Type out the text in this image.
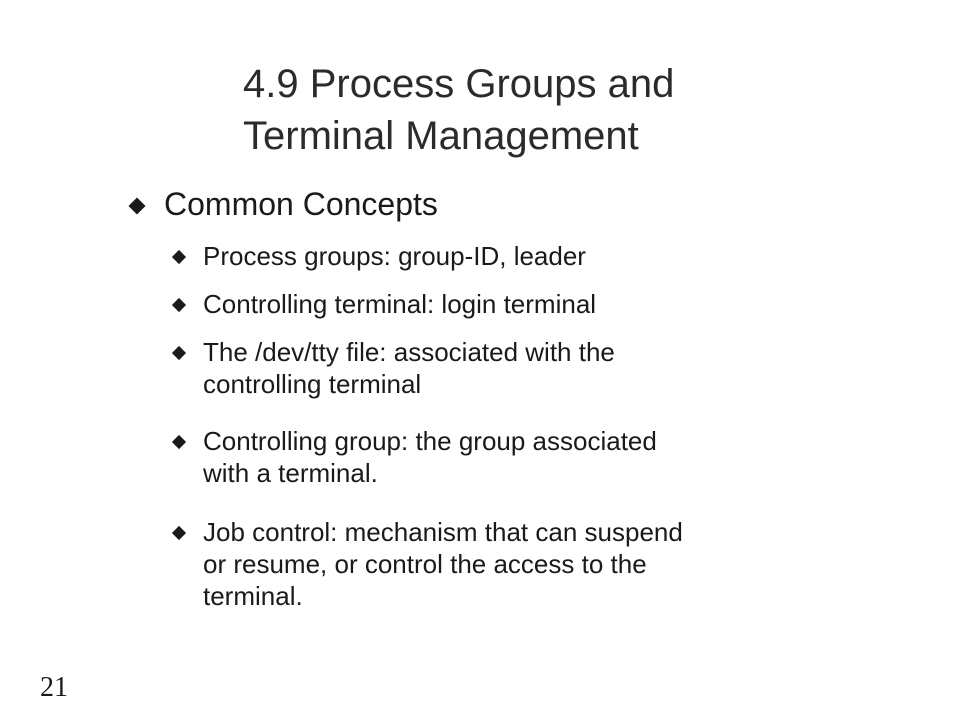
4.9 Process Groups and
Terminal Management
Common Concepts
Process groups: group-ID, leader
Controlling terminal: login terminal
The /dev/tty file: associated with the
controlling terminal
Controlling group: the group associated
with a terminal.
Job control: mechanism that can suspend
or resume, or control the access to the
terminal.
21
